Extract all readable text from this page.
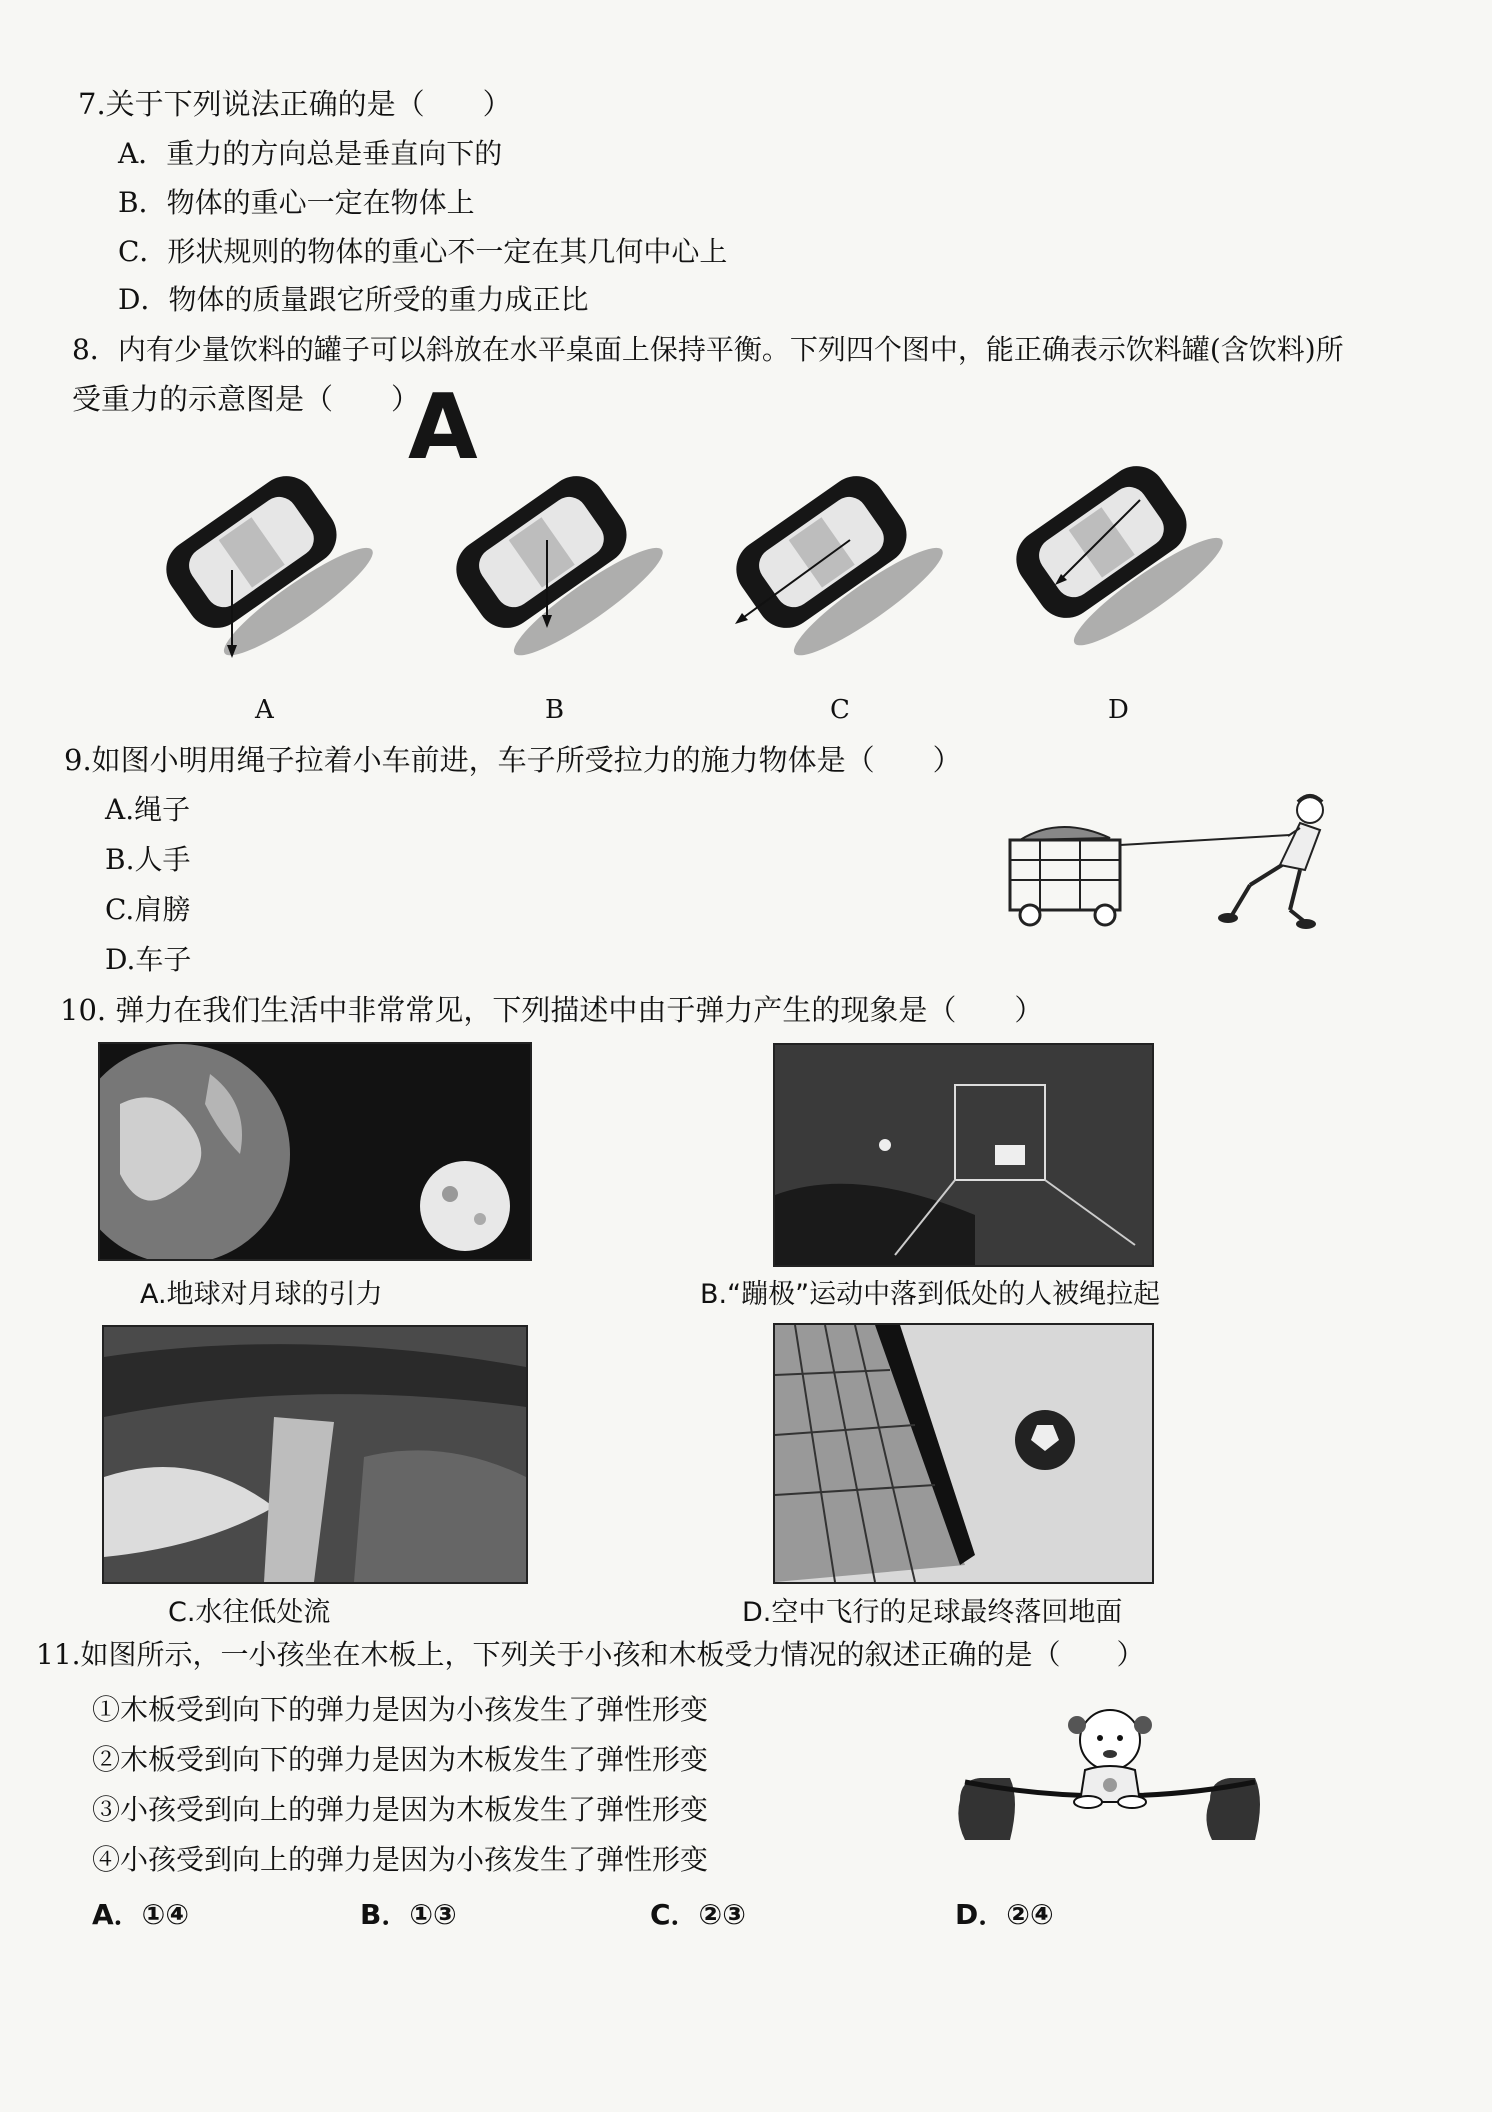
7.关于下列说法正确的是（　　）
A．重力的方向总是垂直向下的
B．物体的重心一定在物体上
C．形状规则的物体的重心不一定在其几何中心上
D．物体的质量跟它所受的重力成正比
8．内有少量饮料的罐子可以斜放在水平桌面上保持平衡。下列四个图中，能正确表示饮料罐(含饮料)所
受重力的示意图是（　　）
A
A	B	C	D
9.如图小明用绳子拉着小车前进，车子所受拉力的施力物体是（　　）
A.绳子
B.人手
C.肩膀
D.车子
10. 弹力在我们生活中非常常见，下列描述中由于弹力产生的现象是（　　）
A.地球对月球的引力	B.“蹦极”运动中落到低处的人被绳拉起
C.水往低处流	D.空中飞行的足球最终落回地面
11.如图所示，一小孩坐在木板上，下列关于小孩和木板受力情况的叙述正确的是（　　）
①木板受到向下的弹力是因为小孩发生了弹性形变
②木板受到向下的弹力是因为木板发生了弹性形变
③小孩受到向上的弹力是因为木板发生了弹性形变
④小孩受到向上的弹力是因为小孩发生了弹性形变
A．①④	B．①③	C．②③	D．②④
